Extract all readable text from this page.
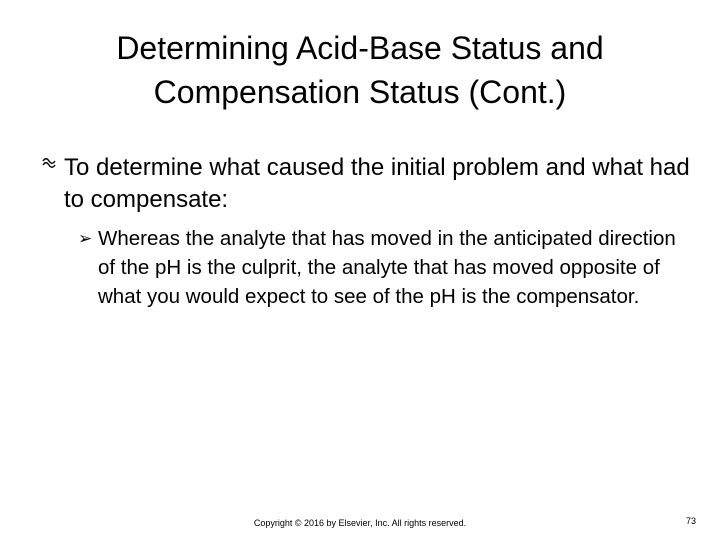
Determining Acid-Base Status and Compensation Status (Cont.)
To determine what caused the initial problem and what had to compensate:
➢ Whereas the analyte that has moved in the anticipated direction of the pH is the culprit, the analyte that has moved opposite of what you would expect to see of the pH is the compensator.
Copyright © 2016 by Elsevier, Inc. All rights reserved.	73
